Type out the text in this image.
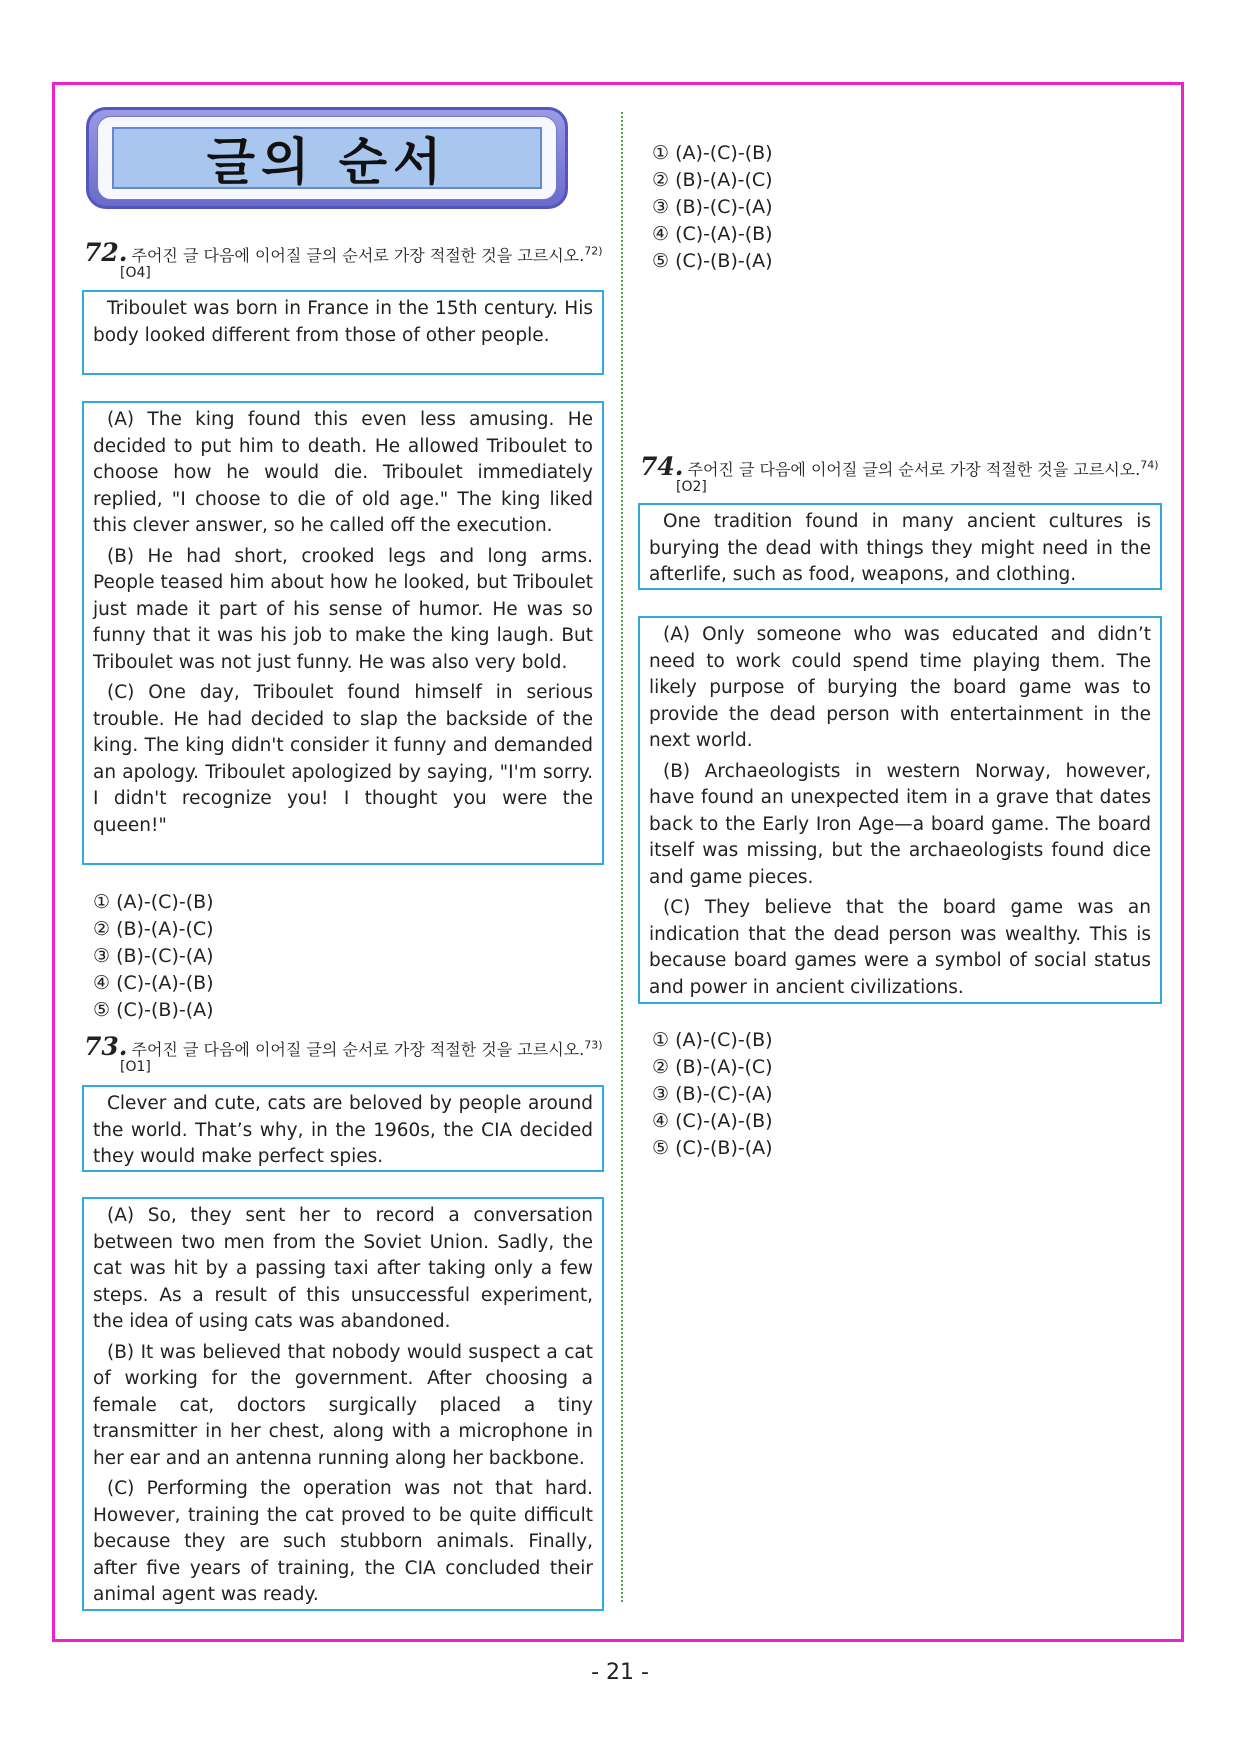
글의 순서
72. 주어진 글 다음에 이어질 글의 순서로 가장 적절한 것을 고르시오.$^{72)}$
[O4]

Triboulet was born in France in the 15th century. His body looked different from those of other people.

(A) The king found this even less amusing. He decided to put him to death. He allowed Triboulet to choose how he would die. Triboulet immediately replied, "I choose to die of old age." The king liked this clever answer, so he called off the execution.

(B) He had short, crooked legs and long arms. People teased him about how he looked, but Triboulet just made it part of his sense of humor. He was so funny that it was his job to make the king laugh. But Triboulet was not just funny. He was also very bold.

(C) One day, Triboulet found himself in serious trouble. He had decided to slap the backside of the king. The king didn't consider it funny and demanded an apology. Triboulet apologized by saying, "I'm sorry. I didn't recognize you! I thought you were the queen!"

① (A)-(C)-(B)② (B)-(A)-(C)
③ (B)-(C)-(A)④ (C)-(A)-(B)
⑤ (C)-(B)-(A)
73. 주어진 글 다음에 이어질 글의 순서로 가장 적절한 것을 고르시오.$^{73)}$
[O1]

Clever and cute, cats are beloved by people around the world. That’s why, in the 1960s, the CIA decided they would make perfect spies.

(A) So, they sent her to record a conversation between two men from the Soviet Union. Sadly, the cat was hit by a passing taxi after taking only a few steps. As a result of this unsuccessful experiment, the idea of using cats was abandoned.

(B) It was believed that nobody would suspect a cat of working for the government. After choosing a female cat, doctors surgically placed a tiny transmitter in her chest, along with a microphone in her ear and an antenna running along her backbone.

(C) Performing the operation was not that hard. However, training the cat proved to be quite difficult because they are such stubborn animals. Finally, after five years of training, the CIA concluded their animal agent was ready.

① (A)-(C)-(B)② (B)-(A)-(C)
③ (B)-(C)-(A)④ (C)-(A)-(B)
⑤ (C)-(B)-(A)
74. 주어진 글 다음에 이어질 글의 순서로 가장 적절한 것을 고르시오.$^{74)}$
[O2]

One tradition found in many ancient cultures is burying the dead with things they might need in the afterlife, such as food, weapons, and clothing.

(A) Only someone who was educated and didn’t need to work could spend time playing them. The likely purpose of burying the board game was to provide the dead person with entertainment in the next world.

(B) Archaeologists in western Norway, however, have found an unexpected item in a grave that dates back to the Early Iron Age—a board game. The board itself was missing, but the archaeologists found dice and game pieces.

(C) They believe that the board game was an indication that the dead person was wealthy. This is because board games were a symbol of social status and power in ancient civilizations.

① (A)-(C)-(B)② (B)-(A)-(C)
③ (B)-(C)-(A)④ (C)-(A)-(B)
⑤ (C)-(B)-(A)
- 21 -
